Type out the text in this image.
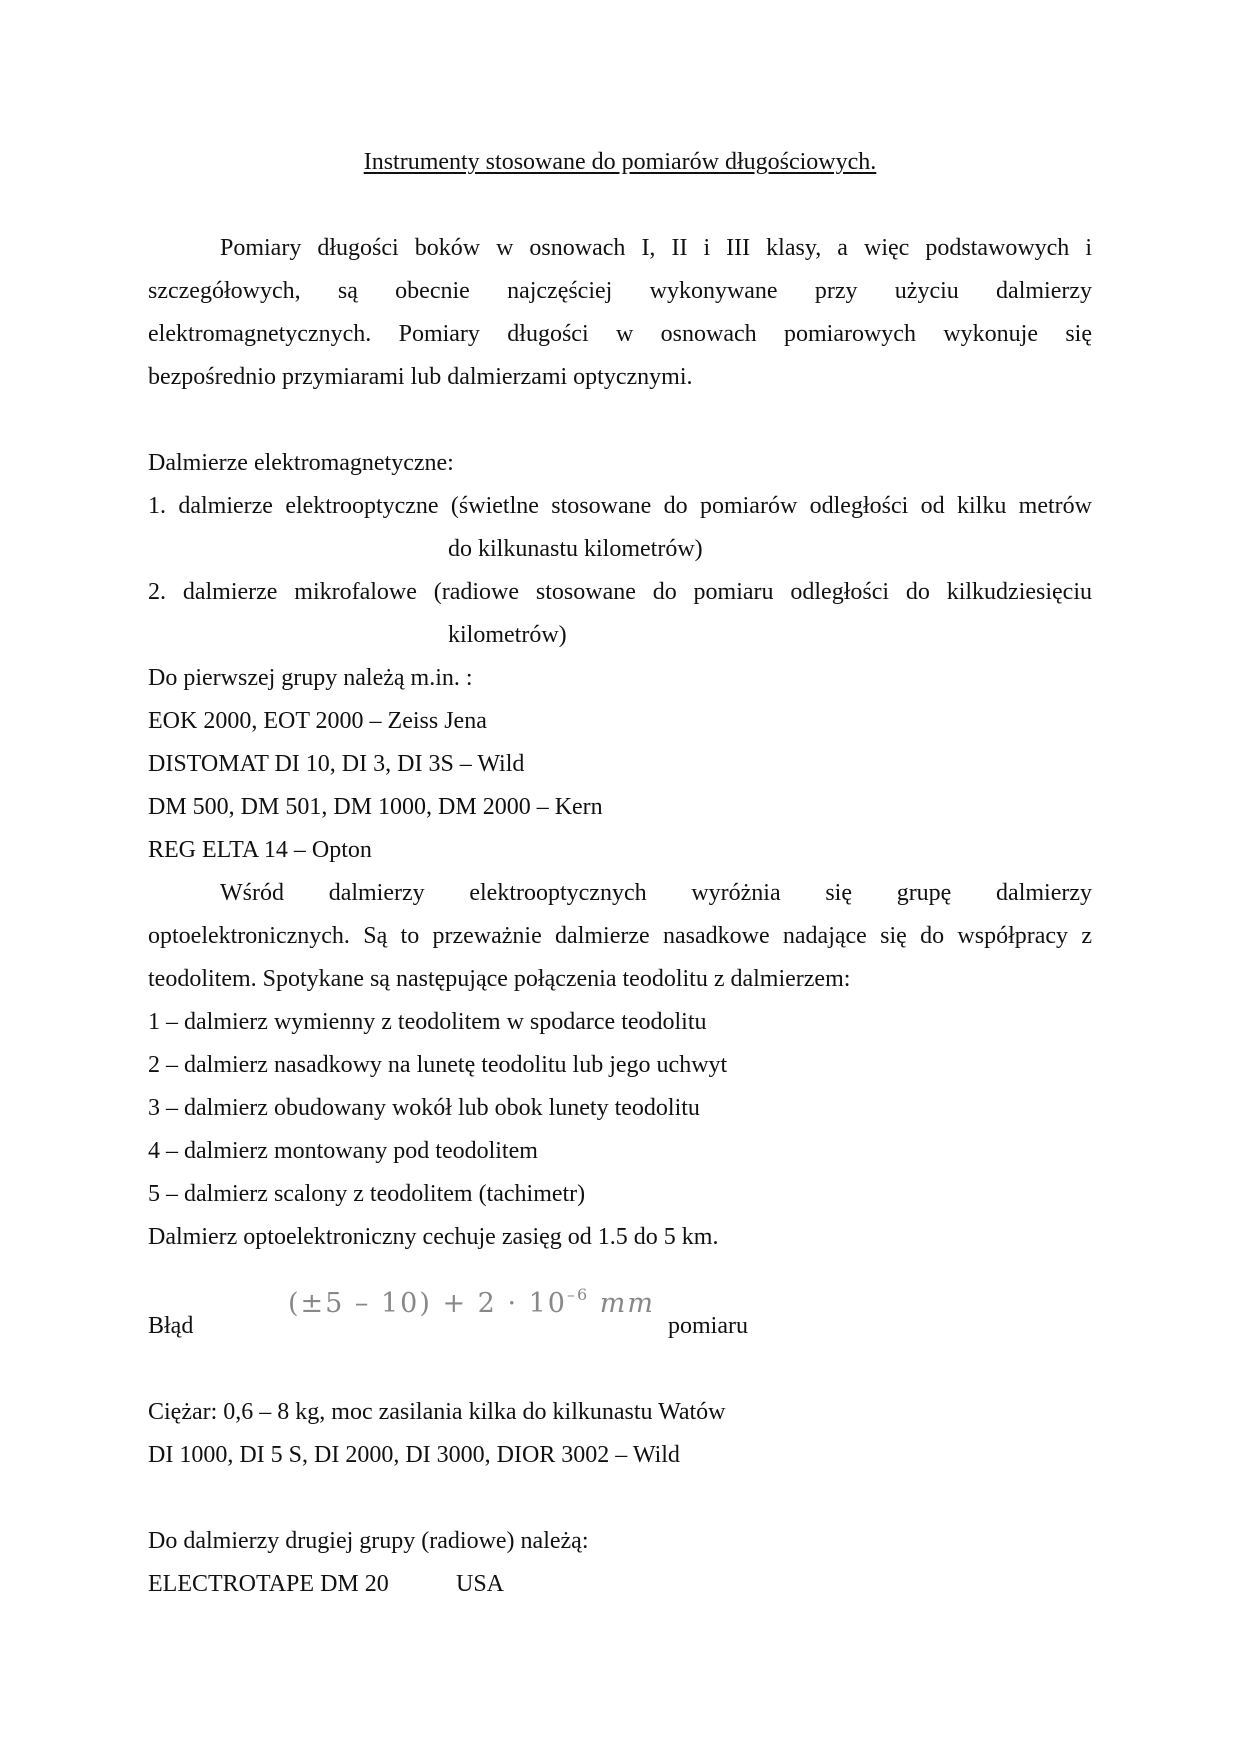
Instrumenty stosowane do pomiarów długościowych.
Pomiary długości boków w osnowach I, II i III klasy, a więc podstawowych i
szczegółowych, są obecnie najczęściej wykonywane przy użyciu dalmierzy
elektromagnetycznych. Pomiary długości w osnowach pomiarowych wykonuje się
bezpośrednio przymiarami lub dalmierzami optycznymi.
Dalmierze elektromagnetyczne:
1. dalmierze elektrooptyczne (świetlne stosowane do pomiarów odległości od kilku metrów
do kilkunastu kilometrów)
2. dalmierze mikrofalowe (radiowe stosowane do pomiaru odległości do kilkudziesięciu
kilometrów)
Do pierwszej grupy należą m.in. :
EOK 2000, EOT 2000 – Zeiss Jena
DISTOMAT DI 10, DI 3, DI 3S – Wild
DM 500, DM 501, DM 1000, DM 2000 – Kern
REG ELTA 14 – Opton
Wśród dalmierzy elektrooptycznych wyróżnia się grupę dalmierzy
optoelektronicznych. Są to przeważnie dalmierze nasadkowe nadające się do współpracy z
teodolitem. Spotykane są następujące połączenia teodolitu z dalmierzem:
1 – dalmierz wymienny z teodolitem w spodarce teodolitu
2 – dalmierz nasadkowy na lunetę teodolitu lub jego uchwyt
3 – dalmierz obudowany wokół lub obok lunety teodolitu
4 – dalmierz montowany pod teodolitem
5 – dalmierz scalony z teodolitem (tachimetr)
Dalmierz optoelektroniczny cechuje zasięg od 1.5 do 5 km.
Błąd
$(\pm 5 - 10) + 2 \cdot 10^{-6}$ mm
pomiaru
Ciężar: 0,6 – 8 kg, moc zasilania kilka do kilkunastu Watów
DI 1000, DI 5 S, DI 2000, DI 3000, DIOR 3002 – Wild
Do dalmierzy drugiej grupy (radiowe) należą:
ELECTROTAPE DM 20	USA
